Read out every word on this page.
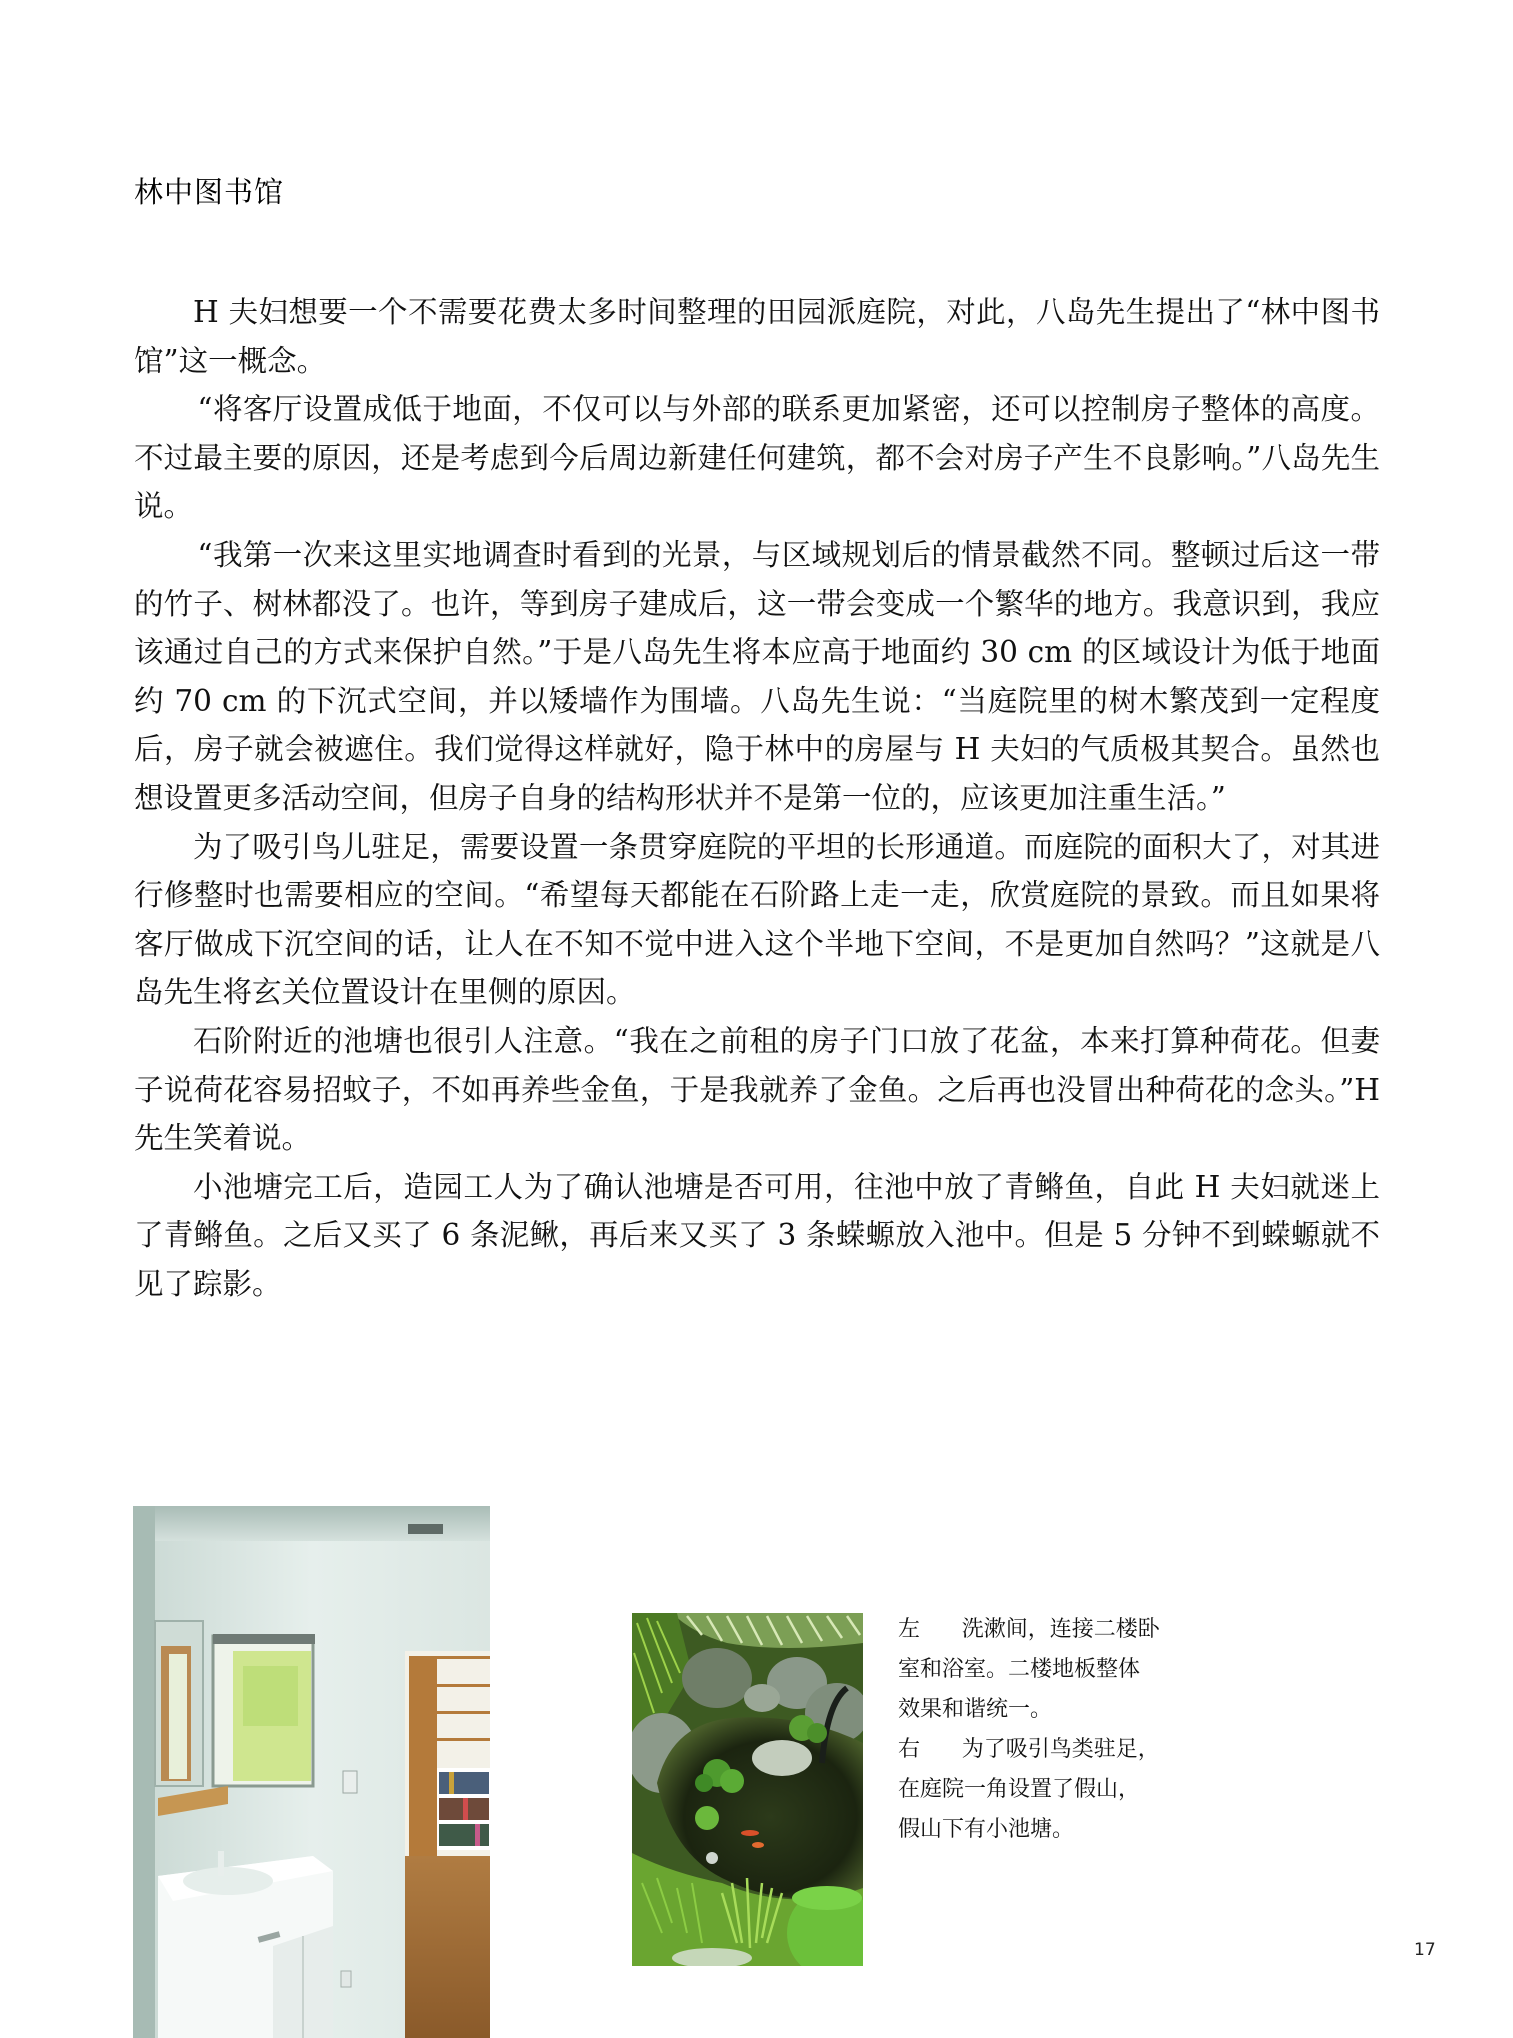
林中图书馆

H 夫妇想要一个不需要花费太多时间整理的田园派庭院，对此，八岛先生提出了“林中图书馆”这一概念。

“将客厅设置成低于地面，不仅可以与外部的联系更加紧密，还可以控制房子整体的高度。不过最主要的原因，还是考虑到今后周边新建任何建筑，都不会对房子产生不良影响。”八岛先生说。

“我第一次来这里实地调查时看到的光景，与区域规划后的情景截然不同。整顿过后这一带的竹子、树林都没了。也许，等到房子建成后，这一带会变成一个繁华的地方。我意识到，我应该通过自己的方式来保护自然。”于是八岛先生将本应高于地面约 30 cm 的区域设计为低于地面约 70 cm 的下沉式空间，并以矮墙作为围墙。八岛先生说：“当庭院里的树木繁茂到一定程度后，房子就会被遮住。我们觉得这样就好，隐于林中的房屋与 H 夫妇的气质极其契合。虽然也想设置更多活动空间，但房子自身的结构形状并不是第一位的，应该更加注重生活。”

为了吸引鸟儿驻足，需要设置一条贯穿庭院的平坦的长形通道。而庭院的面积大了，对其进行修整时也需要相应的空间。“希望每天都能在石阶路上走一走，欣赏庭院的景致。而且如果将客厅做成下沉空间的话，让人在不知不觉中进入这个半地下空间，不是更加自然吗？”这就是八岛先生将玄关位置设计在里侧的原因。

石阶附近的池塘也很引人注意。“我在之前租的房子门口放了花盆，本来打算种荷花。但妻子说荷花容易招蚊子，不如再养些金鱼，于是我就养了金鱼。之后再也没冒出种荷花的念头。”H 先生笑着说。

小池塘完工后，造园工人为了确认池塘是否可用，往池中放了青鳉鱼，自此 H 夫妇就迷上了青鳉鱼。之后又买了 6 条泥鳅，再后来又买了 3 条蝾螈放入池中。但是 5 分钟不到蝾螈就不见了踪影。

左 洗漱间，连接二楼卧室和浴室。二楼地板整体效果和谐统一。

右 为了吸引鸟类驻足，在庭院一角设置了假山，假山下有小池塘。

17
